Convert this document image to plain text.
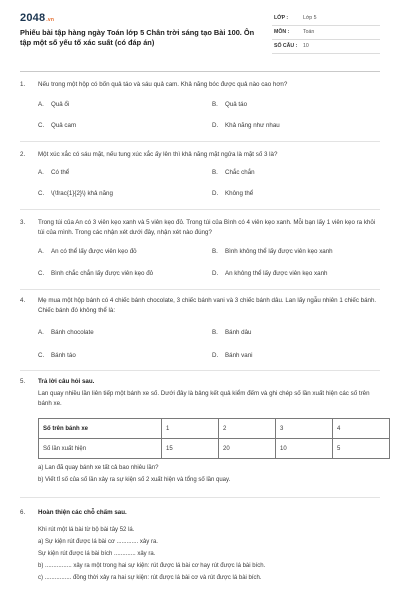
2048.vn
Phiếu bài tập hàng ngày Toán lớp 5 Chân trời sáng tạo Bài 100. Ôn tập một số yếu tố xác suất (có đáp án)
LỚP :	Lớp 5
MÔN :	Toán
SỐ CÂU : 10
1. Nếu trong một hộp có bốn quả táo và sáu quả cam. Khả năng bóc được quả nào cao hơn?
A. Quả ổi	B. Quả táo
C. Quả cam	D. Khả năng như nhau
2. Một xúc xắc có sáu mặt, nếu tung xúc xắc ấy lên thì khả năng mặt ngửa là mặt số 3 là?
A. Có thể	B. Chắc chắn
C. \(\frac{1}{2}\) khả năng	D. Không thể
3. Trong túi của An có 3 viên kẹo xanh và 5 viên kẹo đỏ. Trong túi của Bình có 4 viên kẹo xanh. Mỗi bạn lấy 1 viên kẹo ra khỏi túi của mình. Trong các nhận xét dưới đây, nhận xét nào đúng?
A. An có thể lấy được viên kẹo đỏ	B. Bình không thể lấy được viên kẹo xanh
C. Bình chắc chắn lấy được viên kẹo đỏ	D. An không thể lấy được viên kẹo xanh
4. Mẹ mua một hộp bánh có 4 chiếc bánh chocolate, 3 chiếc bánh vani và 3 chiếc bánh dâu. Lan lấy ngẫu nhiên 1 chiếc bánh. Chiếc bánh đó không thể là:
A. Bánh chocolate	B. Bánh dâu
C. Bánh táo	D. Bánh vani
5. Trả lời câu hỏi sau.
Lan quay nhiều lần liên tiếp một bánh xe số. Dưới đây là bảng kết quả kiểm đếm và ghi chép số lần xuất hiện các số trên bánh xe.
Số trên bánh xe	1	2	3	4
Số lần xuất hiện	15	20	10	5
a) Lan đã quay bánh xe tất cả bao nhiêu lần?
b) Viết tỉ số của số lần xảy ra sự kiện số 2 xuất hiện và tổng số lần quay.
6. Hoàn thiện các chỗ chấm sau.
Khi rút một lá bài từ bộ bài tây 52 lá.
a) Sự kiện rút được lá bài cơ ............. xảy ra.
Sự kiện rút được lá bài bích ............. xảy ra.
b) ................ xảy ra một trong hai sự kiện: rút được lá bài cơ hay rút được lá bài bích.
c) ................ đồng thời xảy ra hai sự kiện: rút được lá bài cơ và rút được lá bài bích.
